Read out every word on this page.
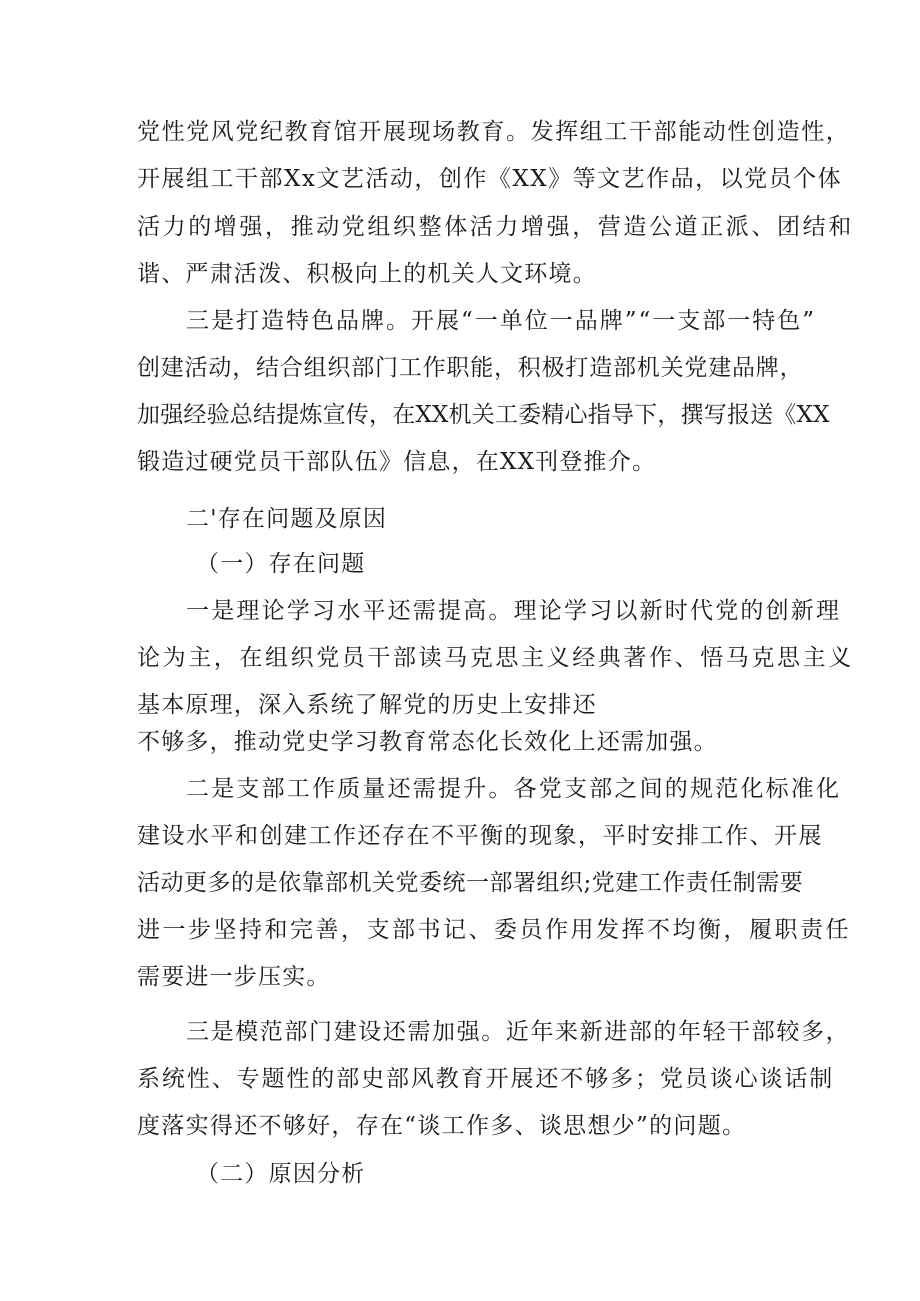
党性党风党纪教育馆开展现场教育。发挥组工干部能动性创造性，
开展组工干部Xx文艺活动，创作《XX》等文艺作品，以党员个体
活力的增强，推动党组织整体活力增强，营造公道正派、团结和
谐、严肃活泼、积极向上的机关人文环境。
三是打造特色品牌。开展“一单位一品牌”“一支部一特色”
创建活动，结合组织部门工作职能，积极打造部机关党建品牌，
加强经验总结提炼宣传，在XX机关工委精心指导下，撰写报送《XX
锻造过硬党员干部队伍》信息，在XX刊登推介。
二'存在问题及原因
（一）存在问题
一是理论学习水平还需提高。理论学习以新时代党的创新理
论为主，在组织党员干部读马克思主义经典著作、悟马克思主义
基本原理，深入系统了解党的历史上安排还
不够多，推动党史学习教育常态化长效化上还需加强。
二是支部工作质量还需提升。各党支部之间的规范化标准化
建设水平和创建工作还存在不平衡的现象，平时安排工作、开展
活动更多的是依靠部机关党委统一部署组织;党建工作责任制需要
进一步坚持和完善，支部书记、委员作用发挥不均衡，履职责任
需要进一步压实。
三是模范部门建设还需加强。近年来新进部的年轻干部较多，
系统性、专题性的部史部风教育开展还不够多；党员谈心谈话制
度落实得还不够好，存在“谈工作多、谈思想少”的问题。
（二）原因分析
